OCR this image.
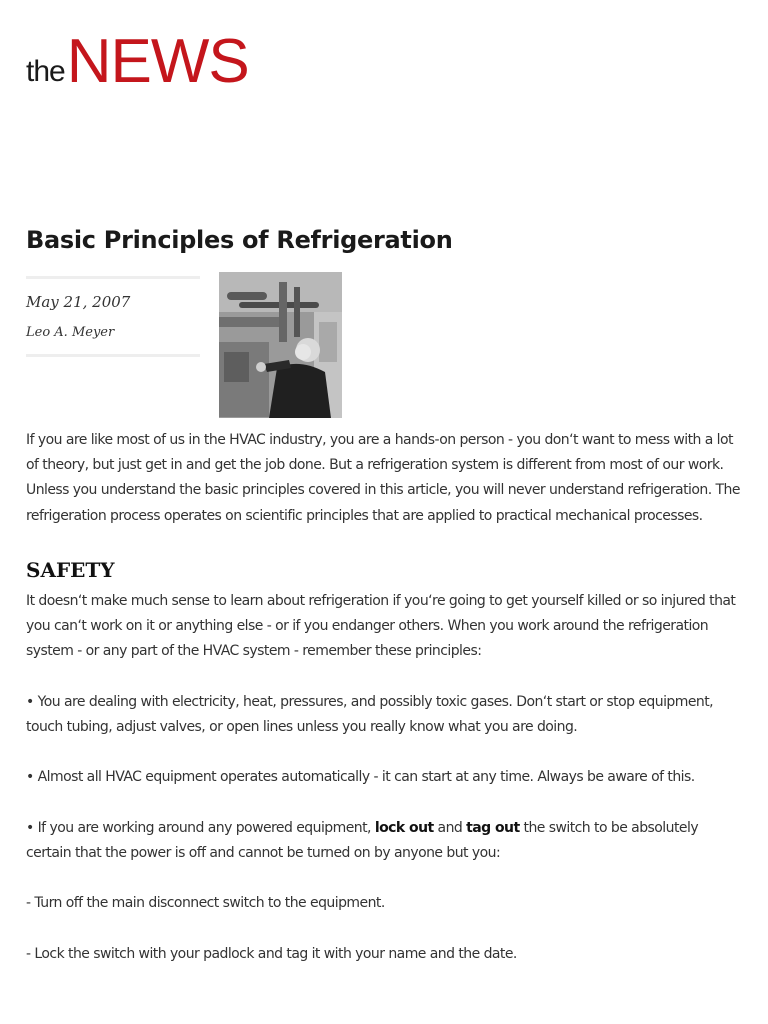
the NEWS
Basic Principles of Refrigeration
May 21, 2007
Leo A. Meyer

If you are like most of us in the HVAC industry, you are a hands-on person - you don‘t want to mess with a lot of theory, but just get in and get the job done. But a refrigeration system is different from most of our work. Unless you understand the basic principles covered in this article, you will never understand refrigeration. The refrigeration process operates on scientific principles that are applied to practical mechanical processes.

SAFETY

It doesn‘t make much sense to learn about refrigeration if you‘re going to get yourself killed or so injured that you can‘t work on it or anything else - or if you endanger others. When you work around the refrigeration system - or any part of the HVAC system - remember these principles:

• You are dealing with electricity, heat, pressures, and possibly toxic gases. Don‘t start or stop equipment, touch tubing, adjust valves, or open lines unless you really know what you are doing.

• Almost all HVAC equipment operates automatically - it can start at any time. Always be aware of this.

• If you are working around any powered equipment, lock out and tag out the switch to be absolutely certain that the power is off and cannot be turned on by anyone but you:

- Turn off the main disconnect switch to the equipment.

- Lock the switch with your padlock and tag it with your name and the date.
